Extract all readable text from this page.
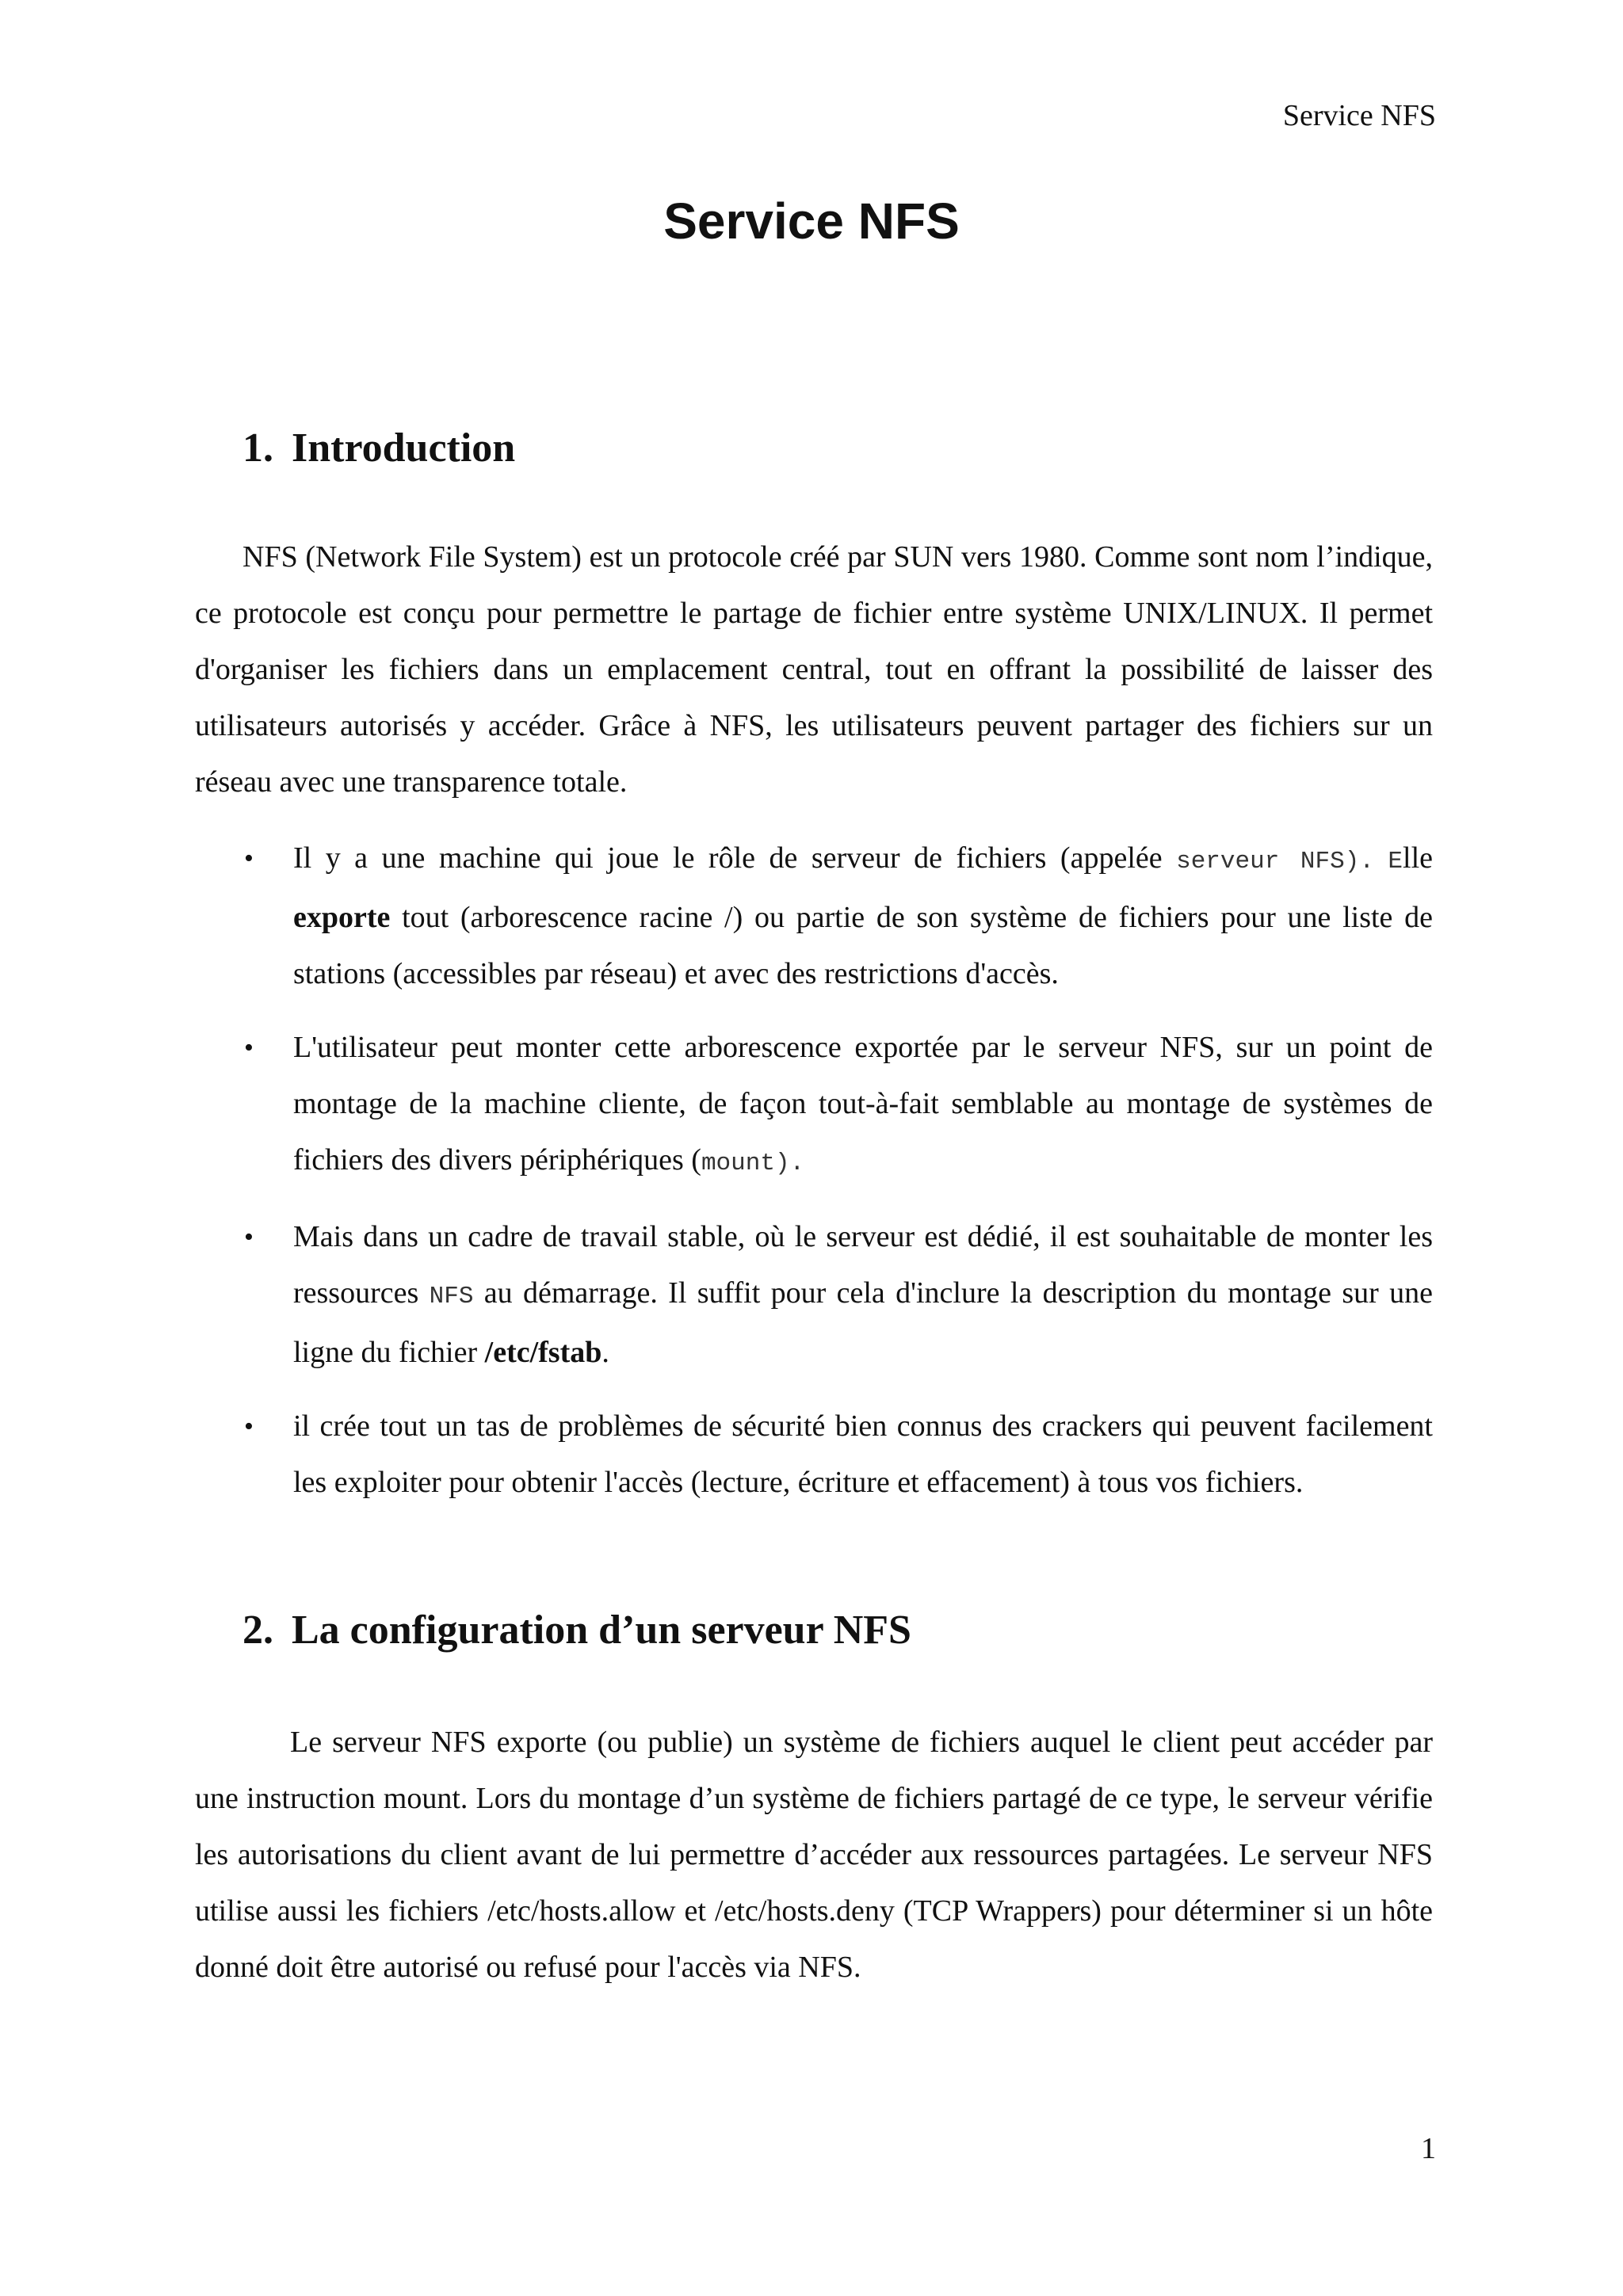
Service NFS
Service NFS
1. Introduction

NFS (Network File System) est un protocole créé par SUN vers 1980. Comme sont nom l’indique, ce protocole est conçu pour permettre le partage de fichier entre système UNIX/LINUX. Il permet d'organiser les fichiers dans un emplacement central, tout en offrant la possibilité de laisser des utilisateurs autorisés y accéder. Grâce à NFS, les utilisateurs peuvent partager des fichiers sur un réseau avec une transparence totale.

• Il y a une machine qui joue le rôle de serveur de fichiers (appelée serveur NFS). Elle exporte tout (arborescence racine /) ou partie de son système de fichiers pour une liste de stations (accessibles par réseau) et avec des restrictions d'accès.
• L'utilisateur peut monter cette arborescence exportée par le serveur NFS, sur un point de montage de la machine cliente, de façon tout-à-fait semblable au montage de systèmes de fichiers des divers périphériques (mount).
• Mais dans un cadre de travail stable, où le serveur est dédié, il est souhaitable de monter les ressources NFS au démarrage. Il suffit pour cela d'inclure la description du montage sur une ligne du fichier /etc/fstab.
• il crée tout un tas de problèmes de sécurité bien connus des crackers qui peuvent facilement les exploiter pour obtenir l'accès (lecture, écriture et effacement) à tous vos fichiers.
2. La configuration d’un serveur NFS

Le serveur NFS exporte (ou publie) un système de fichiers auquel le client peut accéder par une instruction mount. Lors du montage d’un système de fichiers partagé de ce type, le serveur vérifie les autorisations du client avant de lui permettre d’accéder aux ressources partagées. Le serveur NFS utilise aussi les fichiers /etc/hosts.allow et /etc/hosts.deny (TCP Wrappers) pour déterminer si un hôte donné doit être autorisé ou refusé pour l'accès via NFS.

1
